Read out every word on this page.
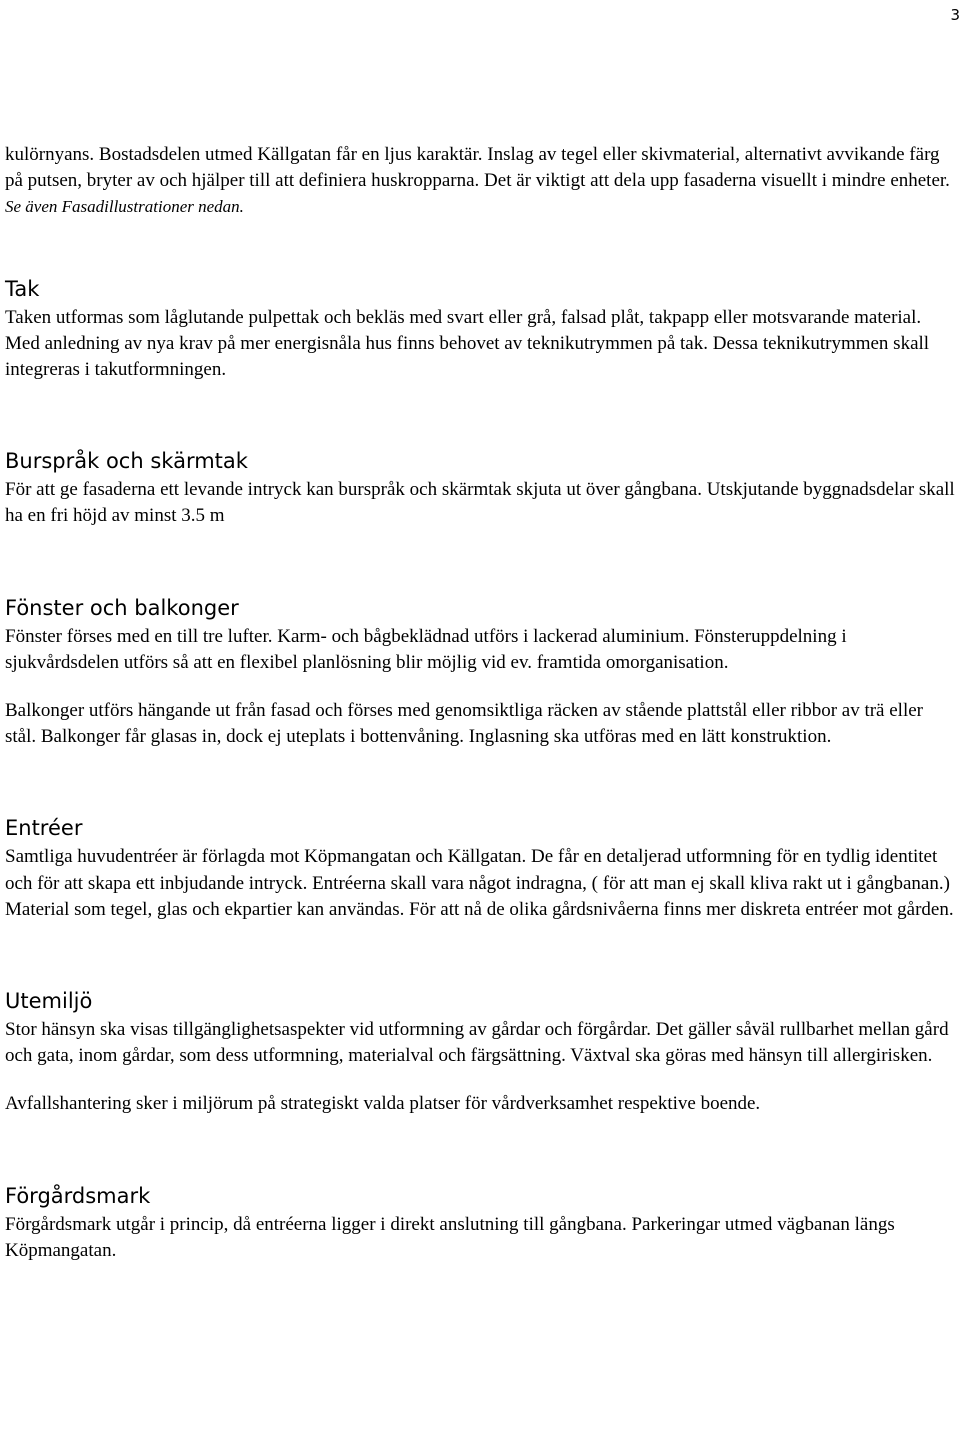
3

kulörnyans. Bostadsdelen utmed Källgatan får en ljus karaktär. Inslag av tegel eller skivmaterial, alternativt avvikande färg på putsen, bryter av och hjälper till att definiera huskropparna. Det är viktigt att dela upp fasaderna visuellt i mindre enheter. Se även Fasadillustrationer nedan.

Tak

Taken utformas som låglutande pulpettak och bekläs med svart eller grå, falsad plåt, takpapp eller motsvarande material. Med anledning av nya krav på mer energisnåla hus finns behovet av teknikutrymmen på tak. Dessa teknikutrymmen skall integreras i takutformningen.

Burspråk och skärmtak

För att ge fasaderna ett levande intryck kan burspråk och skärmtak skjuta ut över gångbana. Utskjutande byggnadsdelar skall ha en fri höjd av minst 3.5 m

Fönster och balkonger

Fönster förses med en till tre lufter. Karm- och bågbeklädnad utförs i lackerad aluminium. Fönsteruppdelning i sjukvårdsdelen utförs så att en flexibel planlösning blir möjlig vid ev. framtida omorganisation.

Balkonger utförs hängande ut från fasad och förses med genomsiktliga räcken av stående plattstål eller ribbor av trä eller stål. Balkonger får glasas in, dock ej uteplats i bottenvåning. Inglasning ska utföras med en lätt konstruktion.

Entréer

Samtliga huvudentréer är förlagda mot Köpmangatan och Källgatan. De får en detaljerad utformning för en tydlig identitet och för att skapa ett inbjudande intryck. Entréerna skall vara något indragna, ( för att man ej skall kliva rakt ut i gångbanan.) Material som tegel, glas och ekpartier kan användas. För att nå de olika gårdsnivåerna finns mer diskreta entréer mot gården.

Utemiljö

Stor hänsyn ska visas tillgänglighetsaspekter vid utformning av gårdar och förgårdar. Det gäller såväl rullbarhet mellan gård och gata, inom gårdar, som dess utformning, materialval och färgsättning. Växtval ska göras med hänsyn till allergirisken.

Avfallshantering sker i miljörum på strategiskt valda platser för vårdverksamhet respektive boende.

Förgårdsmark

Förgårdsmark utgår i princip, då entréerna ligger i direkt anslutning till gångbana. Parkeringar utmed vägbanan längs Köpmangatan.
